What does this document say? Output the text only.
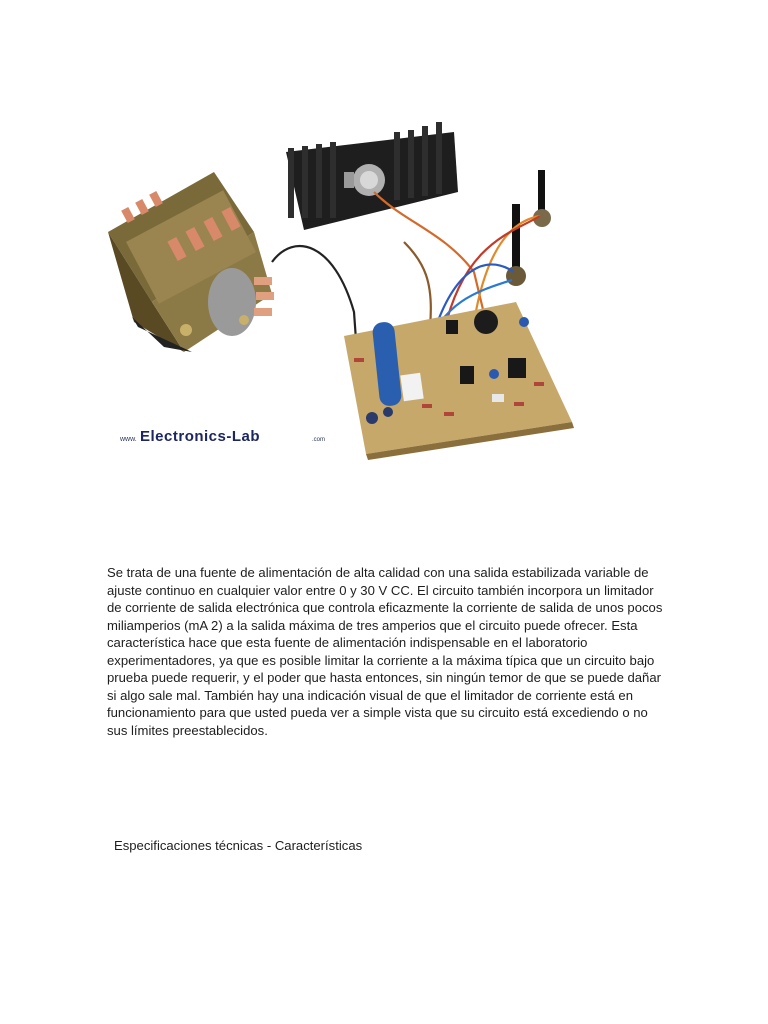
www. Electronics-Lab	.com

Se trata de una fuente de alimentación de alta calidad con una salida estabilizada variable de ajuste continuo en cualquier valor entre 0 y 30 V CC. El circuito también incorpora un limitador de corriente de salida electrónica que controla eficazmente la corriente de salida de unos pocos miliamperios (mA 2) a la salida máxima de tres amperios que el circuito puede ofrecer. Esta característica hace que esta fuente de alimentación indispensable en el laboratorio experimentadores, ya que es posible limitar la corriente a la máxima típica que un circuito bajo prueba puede requerir, y el poder que hasta entonces, sin ningún temor de que se puede dañar si algo sale mal. También hay una indicación visual de que el limitador de corriente está en funcionamiento para que usted pueda ver a simple vista que su circuito está excediendo o no sus límites preestablecidos.

Especificaciones técnicas - Características
